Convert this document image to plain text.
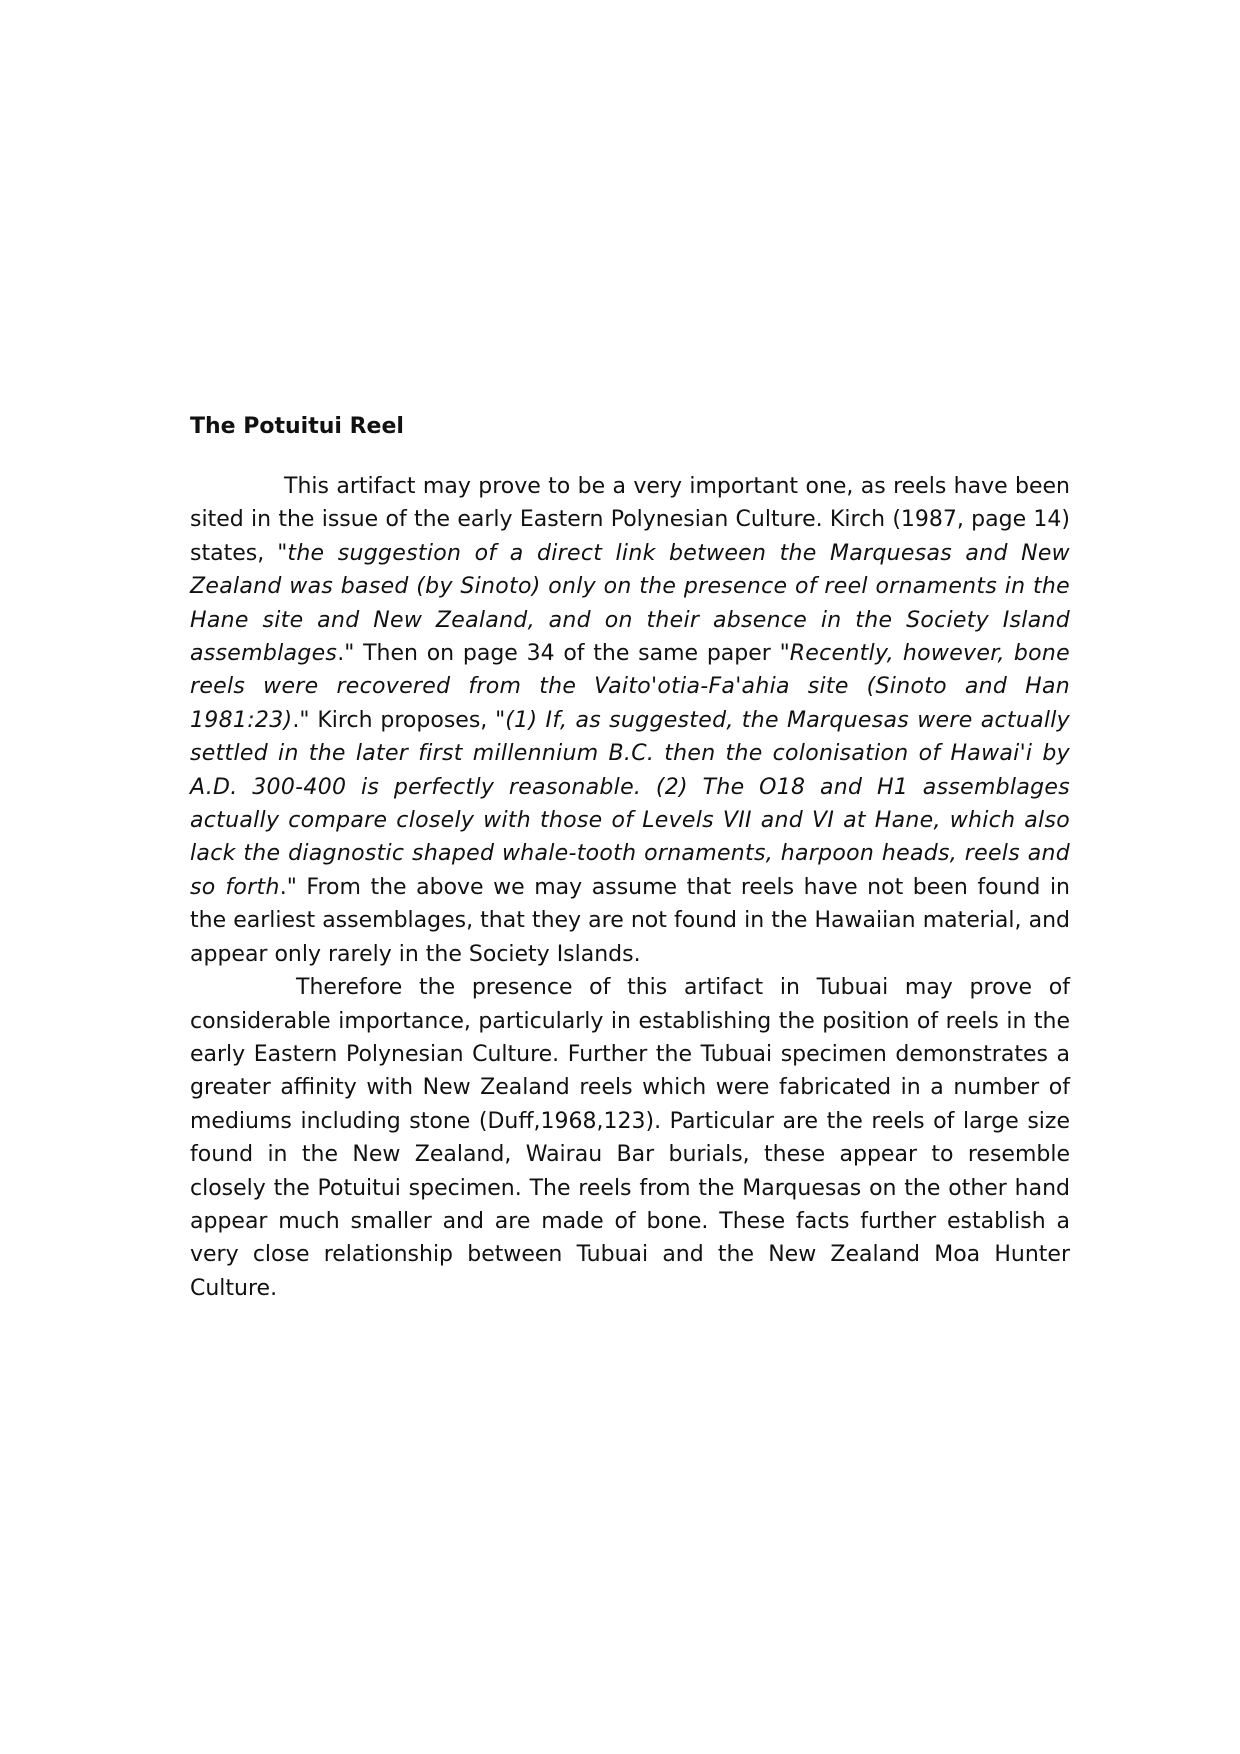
The Potuitui Reel

This artifact may prove to be a very important one, as reels have been sited in the issue of the early Eastern Polynesian Culture. Kirch (1987, page 14) states, "the suggestion of a direct link between the Marquesas and New Zealand was based (by Sinoto) only on the presence of reel ornaments in the Hane site and New Zealand, and on their absence in the Society Island assemblages." Then on page 34 of the same paper "Recently, however, bone reels were recovered from the Vaito'otia-Fa'ahia site (Sinoto and Han 1981:23)." Kirch proposes, "(1) If, as suggested, the Marquesas were actually settled in the later first millennium B.C. then the colonisation of Hawai'i by A.D. 300-400 is perfectly reasonable. (2) The O18 and H1 assemblages actually compare closely with those of Levels VII and VI at Hane, which also lack the diagnostic shaped whale-tooth ornaments, harpoon heads, reels and so forth." From the above we may assume that reels have not been found in the earliest assemblages, that they are not found in the Hawaiian material, and appear only rarely in the Society Islands.

Therefore the presence of this artifact in Tubuai may prove of considerable importance, particularly in establishing the position of reels in the early Eastern Polynesian Culture. Further the Tubuai specimen demonstrates a greater affinity with New Zealand reels which were fabricated in a number of mediums including stone (Duff,1968,123). Particular are the reels of large size found in the New Zealand, Wairau Bar burials, these appear to resemble closely the Potuitui specimen. The reels from the Marquesas on the other hand appear much smaller and are made of bone. These facts further establish a very close relationship between Tubuai and the New Zealand Moa Hunter Culture.
